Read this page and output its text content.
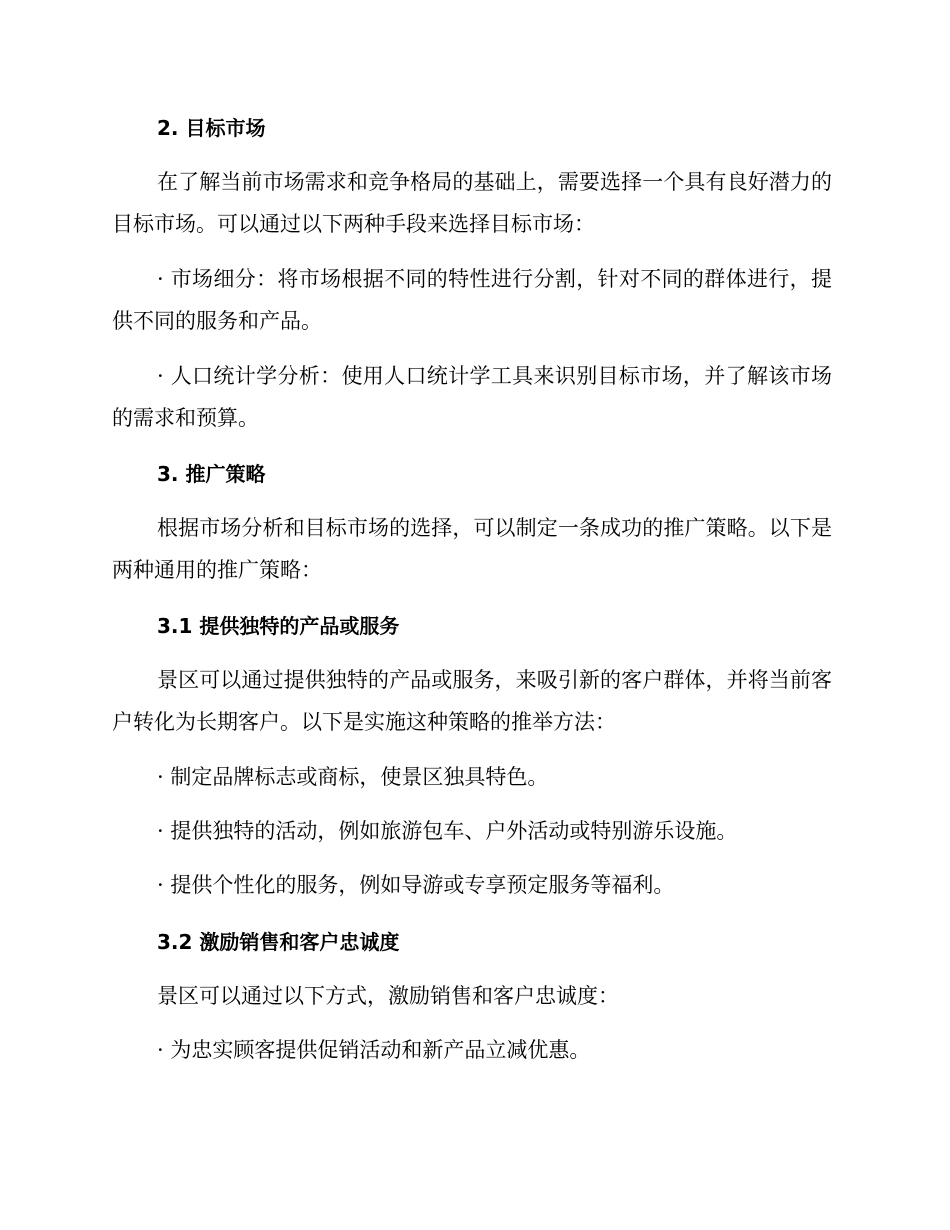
2. 目标市场

在了解当前市场需求和竞争格局的基础上，需要选择一个具有良好潜力的目标市场。可以通过以下两种手段来选择目标市场：

· 市场细分：将市场根据不同的特性进行分割，针对不同的群体进行，提供不同的服务和产品。

· 人口统计学分析：使用人口统计学工具来识别目标市场，并了解该市场的需求和预算。

3. 推广策略

根据市场分析和目标市场的选择，可以制定一条成功的推广策略。以下是两种通用的推广策略：

3.1 提供独特的产品或服务

景区可以通过提供独特的产品或服务，来吸引新的客户群体，并将当前客户转化为长期客户。以下是实施这种策略的推举方法：

· 制定品牌标志或商标，使景区独具特色。

· 提供独特的活动，例如旅游包车、户外活动或特别游乐设施。

· 提供个性化的服务，例如导游或专享预定服务等福利。

3.2 激励销售和客户忠诚度

景区可以通过以下方式，激励销售和客户忠诚度：

· 为忠实顾客提供促销活动和新产品立减优惠。
